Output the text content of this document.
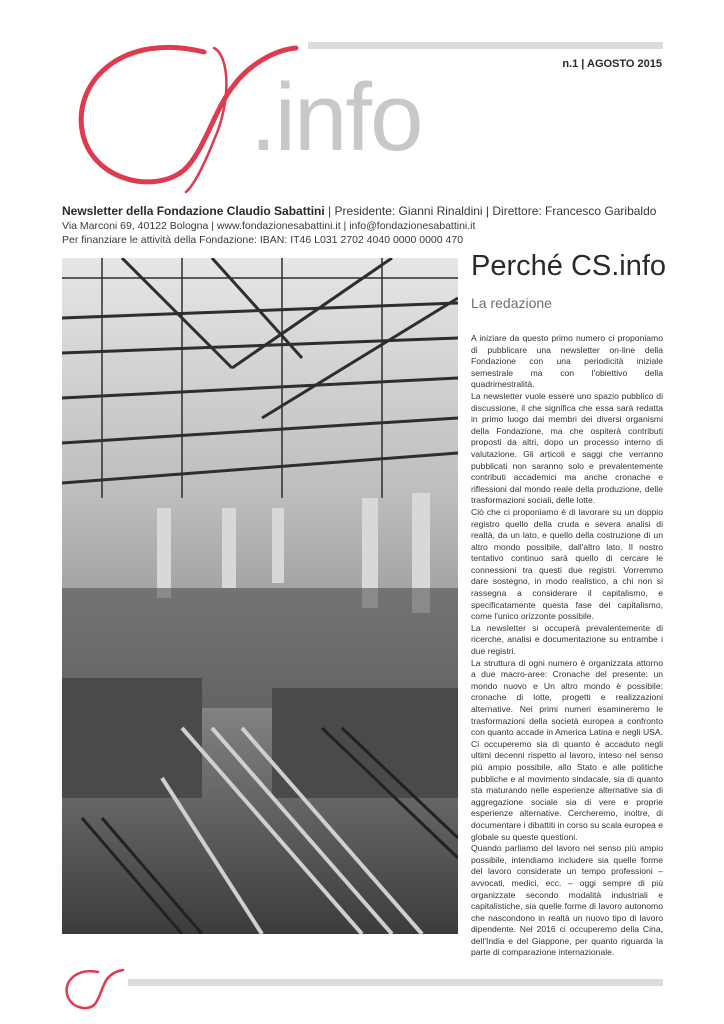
n.1 | AGOSTO 2015
.info
Newsletter della Fondazione Claudio Sabattini | Presidente: Gianni Rinaldini | Direttore: Francesco Garibaldo
Via Marconi 69, 40122 Bologna | www.fondazionesabattini.it | info@fondazionesabattini.it
Per finanziare le attività della Fondazione: IBAN: IT46 L031 2702 4040 0000 0000 470
Perché CS.info
La redazione

A iniziare da questo primo numero ci proponiamo di pubblicare una newsletter on-line della Fondazione con una periodicità iniziale semestrale ma con l'obiettivo della quadrimestralità.

La newsletter vuole essere uno spazio pubblico di discussione, il che significa che essa sarà redatta in primo luogo dai membri dei diversi organismi della Fondazione, ma che ospiterà contributi proposti da altri, dopo un processo interno di valutazione. Gli articoli e saggi che verranno pubblicati non saranno solo e prevalentemente contributi accademici ma anche cronache e riflessioni dal mondo reale della produzione, delle trasformazioni sociali, delle lotte.

Ciò che ci proponiamo è di lavorare su un doppio registro quello della cruda e severa analisi di realtà, da un lato, e quello della costruzione di un altro mondo possibile, dall'altro lato. Il nostro tentativo continuo sarà quello di cercare le connessioni tra questi due registri. Vorremmo dare sostegno, in modo realistico, a chi non si rassegna a considerare il capitalismo, e specificatamente questa fase del capitalismo, come l'unico orizzonte possibile.

La newsletter si occuperà prevalentemente di ricerche, analisi e documentazione su entrambe i due registri.

La struttura di ogni numero è organizzata attorno a due macro-aree: Cronache del presente: un mondo nuovo e Un altro mondo è possibile: cronache di lotte, progetti e realizzazioni alternative. Nei primi numeri esamineremo le trasformazioni della società europea a confronto con quanto accade in America Latina e negli USA. Ci occuperemo sia di quanto è accaduto negli ultimi decenni rispetto al lavoro, inteso nel senso più ampio possibile, allo Stato e alle politiche pubbliche e al movimento sindacale, sia di quanto sta maturando nelle esperienze alternative sia di aggregazione sociale sia di vere e proprie esperienze alternative. Cercheremo, inoltre, di documentare i dibattiti in corso su scala europea e globale su queste questioni.

Quando parliamo del lavoro nel senso più ampio possibile, intendiamo includere sia quelle forme del lavoro considerate un tempo professioni – avvocati, medici, ecc. – oggi sempre di più organizzate secondo modalità industriali e capitalistiche, sia quelle forme di lavoro autonomo che nascondono in realtà un nuovo tipo di lavoro dipendente. Nel 2016 ci occuperemo della Cina, dell'India e del Giappone, per quanto riguarda la parte di comparazione internazionale.
